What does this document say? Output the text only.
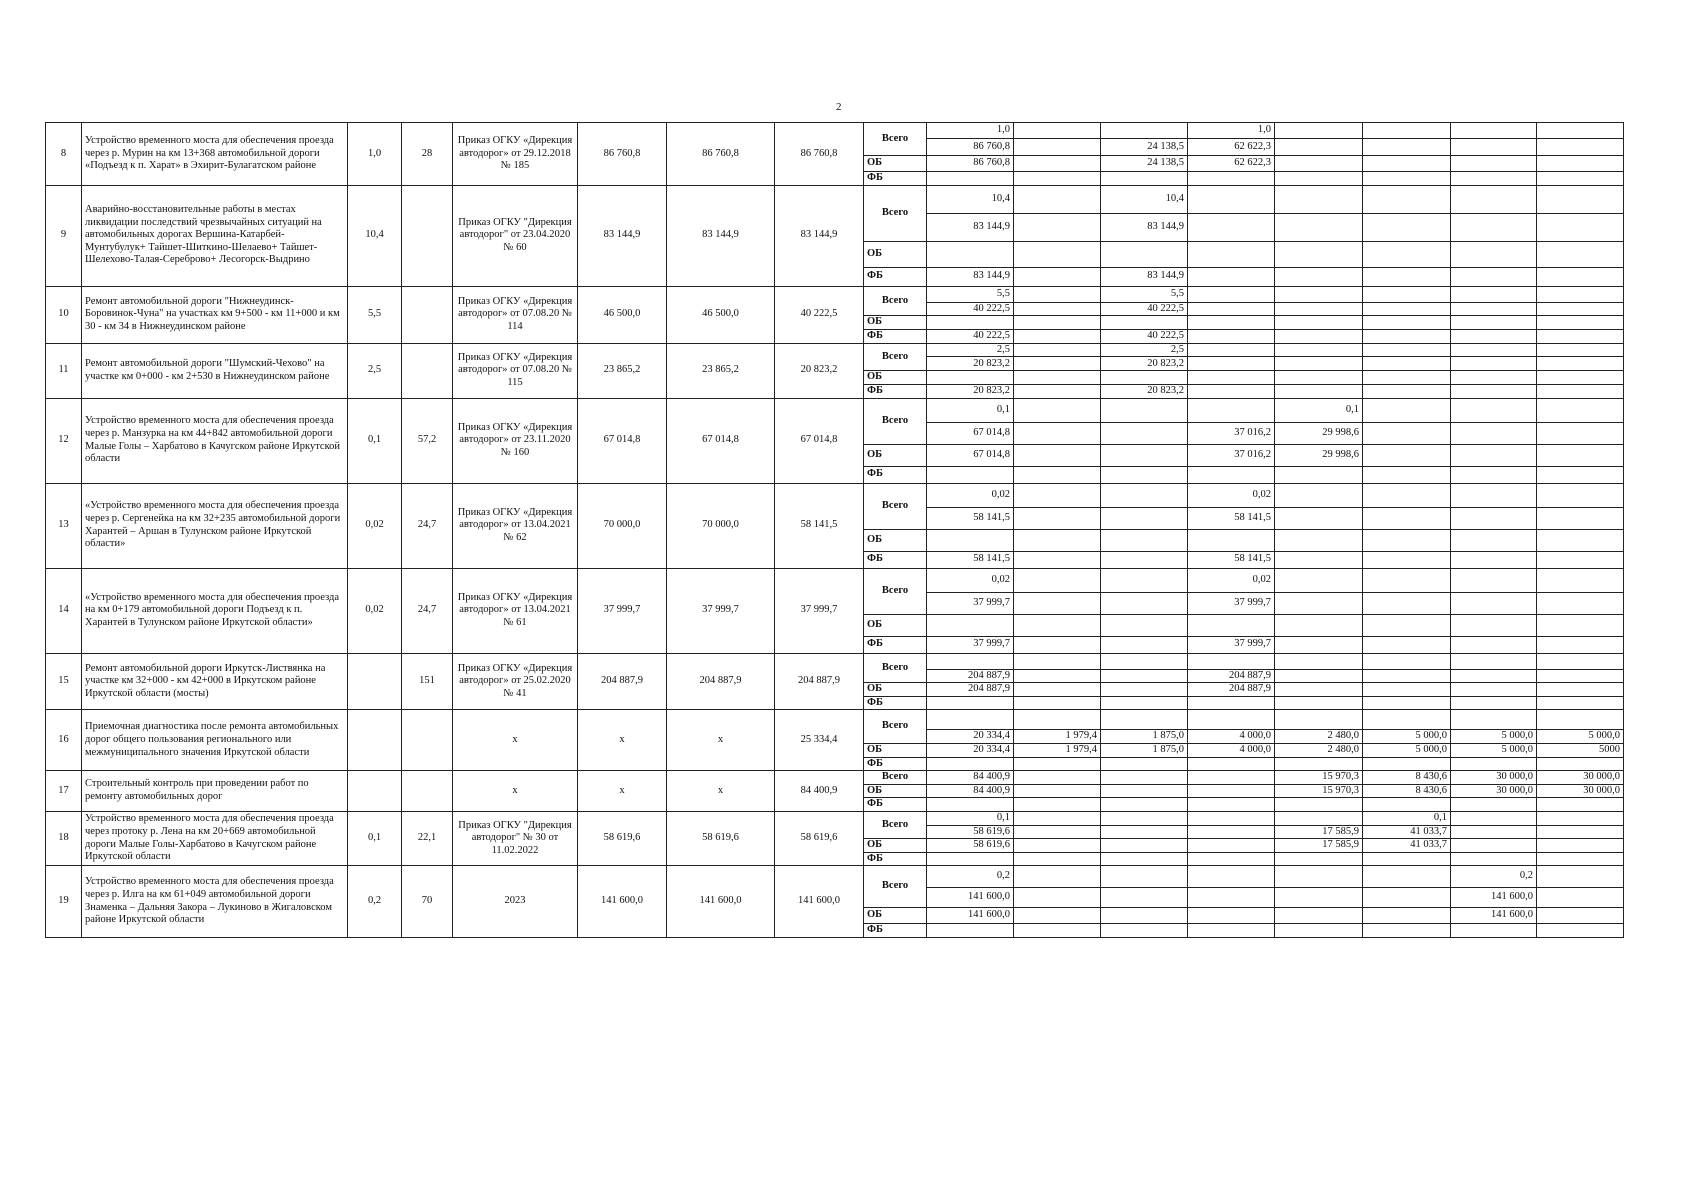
2
8	Устройство временного моста для обеспечения проезда через р. Мурин на км 13+368 автомобильной дороги «Подъезд к п. Харат» в Эхирит-Булагатском районе	1,0	28	Приказ ОГКУ «Дирекция автодорог» от 29.12.2018 № 185	86 760,8	86 760,8	86 760,8	Всего	1,0			1,0				
									86 760,8		24 138,5	62 622,3				
								ОБ	86 760,8		24 138,5	62 622,3				
								ФБ								
9	Аварийно-восстановительные работы в местах ликвидации последствий чрезвычайных ситуаций на автомобильных дорогах Вершина-Катарбей-Мунтубулук+ Тайшет-Шиткино-Шелаево+ Тайшет-Шелехово-Талая-Сереброво+ Лесогорск-Выдрино	10,4		Приказ ОГКУ "Дирекция автодорог" от 23.04.2020 № 60	83 144,9	83 144,9	83 144,9	Всего	10,4		10,4					
									83 144,9		83 144,9					
								ОБ								
								ФБ	83 144,9		83 144,9					
10	Ремонт автомобильной дороги "Нижнеудинск-Боровинок-Чуна" на участках км 9+500 - км 11+000 и км 30 - км 34 в Нижнеудинском районе	5,5		Приказ ОГКУ «Дирекция автодорог» от 07.08.20 № 114	46 500,0	46 500,0	40 222,5	Всего	5,5		5,5					
									40 222,5		40 222,5					
								ОБ								
								ФБ	40 222,5		40 222,5					
11	Ремонт автомобильной дороги "Шумский-Чехово" на участке км 0+000 - км 2+530 в Нижнеудинском районе	2,5		Приказ ОГКУ «Дирекция автодорог» от 07.08.20 № 115	23 865,2	23 865,2	20 823,2	Всего	2,5		2,5					
									20 823,2		20 823,2					
								ОБ								
								ФБ	20 823,2		20 823,2					
12	Устройство временного моста для обеспечения проезда через р. Манзурка на км 44+842 автомобильной дороги Малые Голы – Харбатово в Качугском районе Иркутской области	0,1	57,2	Приказ ОГКУ «Дирекция автодорог» от 23.11.2020 № 160	67 014,8	67 014,8	67 014,8	Всего	0,1				0,1			
									67 014,8			37 016,2	29 998,6			
								ОБ	67 014,8			37 016,2	29 998,6			
								ФБ								
13	«Устройство временного моста для обеспечения проезда через р. Сергенейка на км 32+235 автомобильной дороги Харантей – Аршан в Тулунском районе Иркутской области»	0,02	24,7	Приказ ОГКУ «Дирекция автодорог» от 13.04.2021 № 62	70 000,0	70 000,0	58 141,5	Всего	0,02			0,02				
									58 141,5			58 141,5				
								ОБ								
								ФБ	58 141,5			58 141,5				
14	«Устройство временного моста для обеспечения проезда на км 0+179 автомобильной дороги Подъезд к п. Харантей в Тулунском районе Иркутской области»	0,02	24,7	Приказ ОГКУ «Дирекция автодорог» от 13.04.2021 № 61	37 999,7	37 999,7	37 999,7	Всего	0,02			0,02				
									37 999,7			37 999,7				
								ОБ								
								ФБ	37 999,7			37 999,7				
15	Ремонт автомобильной дороги Иркутск-Листвянка на участке км 32+000 - км 42+000 в Иркутском районе Иркутской области (мосты)		151	Приказ ОГКУ «Дирекция автодорог» от 25.02.2020 № 41	204 887,9	204 887,9	204 887,9	Всего								
									204 887,9			204 887,9				
								ОБ	204 887,9			204 887,9				
								ФБ								
16	Приемочная диагностика после ремонта автомобильных дорог общего пользования регионального или межмуниципального значения Иркутской области			х	х	х	25 334,4	Всего								
									20 334,4	1 979,4	1 875,0	4 000,0	2 480,0	5 000,0	5 000,0	5 000,0
								ОБ	20 334,4	1 979,4	1 875,0	4 000,0	2 480,0	5 000,0	5 000,0	5000
								ФБ								
17	Строительный контроль при проведении работ по ремонту автомобильных дорог			х	х	х	84 400,9	Всего	84 400,9				15 970,3	8 430,6	30 000,0	30 000,0
								ОБ	84 400,9				15 970,3	8 430,6	30 000,0	30 000,0
								ФБ								
18	Устройство временного моста для обеспечения проезда через протоку р. Лена на км 20+669 автомобильной дороги Малые Голы-Харбатово в Качугском районе Иркутской области	0,1	22,1	Приказ ОГКУ "Дирекция автодорог" № 30 от 11.02.2022	58 619,6	58 619,6	58 619,6	Всего	0,1					0,1		
									58 619,6				17 585,9	41 033,7		
								ОБ	58 619,6				17 585,9	41 033,7		
								ФБ								
19	Устройство временного моста для обеспечения проезда через р. Илга на км 61+049 автомобильной дороги Знаменка – Дальняя Закора – Лукиново в Жигаловском районе Иркутской области	0,2	70	2023	141 600,0	141 600,0	141 600,0	Всего	0,2						0,2	
									141 600,0						141 600,0	
								ОБ	141 600,0						141 600,0	
								ФБ								
